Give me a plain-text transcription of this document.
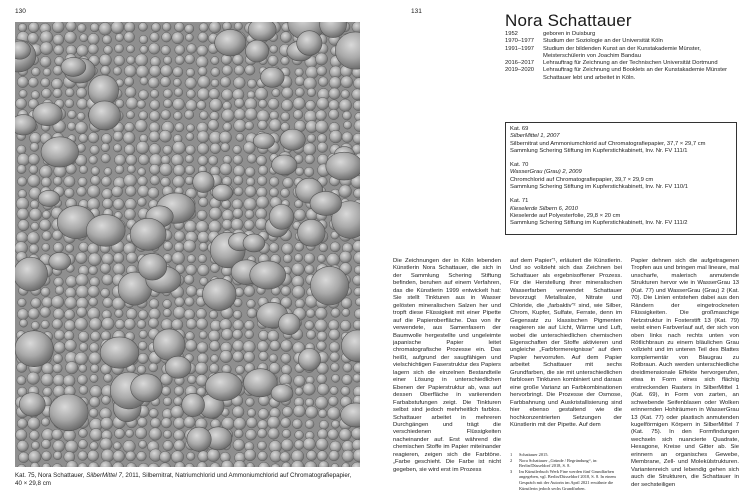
130
Kat. 75, Nora Schattauer, SilberMittel 7, 2011, Silbernitrat, Natriumchlorid und Ammoniumchlorid auf Chromatografiepapier, 40 × 29,8 cm
131	Nora Schattauer
1952	geboren in Duisburg
1970–1977	Studium der Soziologie an der Universität Köln
1991–1997	Studium der bildenden Kunst an der Kunstakademie Münster, Meisterschülerin von Joachim Bandau
2016–2017	Lehrauftrag für Zeichnung an der Technischen Universität Dortmund
2019–2020	Lehrauftrag für Zeichnung und Booklets an der Kunstakademie Münster
Schattauer lebt und arbeitet in Köln.
Kat. 69
SilberMittel 1, 2007
Silbernitrat und Ammoniumchlorid auf Chromatografiepapier, 37,7 × 29,7 cm
Sammlung Schering Stiftung im Kupferstichkabinett, Inv. Nr. FV 111/1
Kat. 70
WasserGrau (Grau) 2, 2009
Chromchlorid auf Chromatografiepapier, 39,7 × 29,9 cm
Sammlung Schering Stiftung im Kupferstichkabinett, Inv. Nr. FV 110/1
Kat. 71
Kieselerde Silbern 6, 2010
Kieselerde auf Polyesterfolie, 29,8 × 20 cm
Sammlung Schering Stiftung im Kupferstichkabinett, Inv. Nr. FV 111/2

Die Zeichnungen der in Köln lebenden Künstlerin Nora Schattauer, die sich in der Sammlung Schering Stiftung befinden, beruhen auf einem Verfahren, das die Künstlerin 1999 entwickelt hat: Sie stellt Tinkturen aus in Wasser gelösten mineralischen Salzen her und tropft diese Flüssigkeit mit einer Pipette auf die Papieroberfläche. Das von ihr verwendete, aus Samenfasern der Baumwolle hergestellte und ungeleimte japanische Papier leitet chromatografische Prozesse ein. Das heißt, aufgrund der saugfähigen und vielschichtigen Faserstruktur des Papiers lagern sich die einzelnen Bestandteile einer Lösung in unterschiedlichen Ebenen der Papierstruktur ab, was auf dessen Oberfläche in variierenden Farbabstufungen zeigt. Die Tinkturen selbst sind jedoch mehrheitlich farblos. Schattauer arbeitet in mehreren Durchgängen und trägt die verschiedenen Flüssigkeiten nacheinander auf. Erst während die chemischen Stoffe im Papier miteinander reagieren, zeigen sich die Farbtöne. „Farbe geschieht. Die Farbe ist nicht gegeben, sie wird erst im Prozess

auf dem Papier“¹, erläutert die Künstlerin. Und so vollzieht sich das Zeichnen bei Schattauer als ergebnisoffener Prozess. Für die Herstellung ihrer mineralischen Wasserfarben verwendet Schattauer bevorzugt Metallsalze, Nitrate und Chloride, die „farbaktiv“² sind, wie Silber, Chrom, Kupfer, Sulfate, Ferrate, denn im Gegensatz zu klassischen Pigmenten reagieren sie auf Licht, Wärme und Luft, wobei die unterschiedlichen chemischen Eigenschaften der Stoffe aktivieren und ungleiche „Farbformereignisse“ auf dem Papier hervorrufen. Auf dem Papier arbeitet Schattauer mit sechs Grundfarben, die sie mit unterschiedlichen farblosen Tinkturen kombiniert und daraus eine große Varianz an Farbkombinationen hervorbringt. Die Prozesse der Osmose, Farbbahnung und Auskristallisierung sind hier ebenso gestaltend wie die hochkonzentrierten Setzungen der Künstlerin mit der Pipette. Auf dem

1	Schattauer 2015.
2	Nora Schattauer „Gründe / Begründung“, in: Berlin/Düsseldorf 2018, S. 8.
3	Im Künstlerbuch Werk Fine werden fünf Grundfarben angegeben, vgl. Berlin/Düsseldorf 2018, S. 8. In einem Gespräch mit der Autorin im April 2021 erwähnte die Künstlerin jedoch sechs Grundfarben.

Papier dehnen sich die aufgetragenen Tropfen aus und bringen mal lineare, mal unscharfe, malerisch anmutende Strukturen hervor wie in WasserGrau 13 (Kat. 77) und WasserGrau (Grau) 2 (Kat. 70). Die Linien entstehen dabei aus den Rändern der eingetrockneten Flüssigkeiten. Die großmaschige Netzstruktur in Fosterstift 13 (Kat. 79) weist einen Farbverlauf auf, der sich von oben links nach rechts unten von Rötlichbraun zu einem bläulichen Grau vollzieht und im unteren Teil des Blattes komplementär von Blaugrau zu Rotbraun. Auch werden unterschiedliche dreidimensionale Effekte hervorgerufen, etwa in Form eines sich flächig erstreckenden Rasters in SilberMittel 1 (Kat. 69), in Form von zarten, an schwebende Seifenblasen oder Wolken erinnernden Hohlräumen in WasserGrau 13 (Kat. 77) oder plastisch anmutenden kugelförmigen Körpern in SilberMittel 7 (Kat. 75). In den Formfindungen wechseln sich nuancierte Quadrate, Hexagone, Kreise und Gitter ab. Sie erinnern an organisches Gewebe, Membrane, Zell- und Molekülstrukturen. Variantenreich und lebendig gehen sich auch die Strukturen, die Schattauer in der sechsteiligen
